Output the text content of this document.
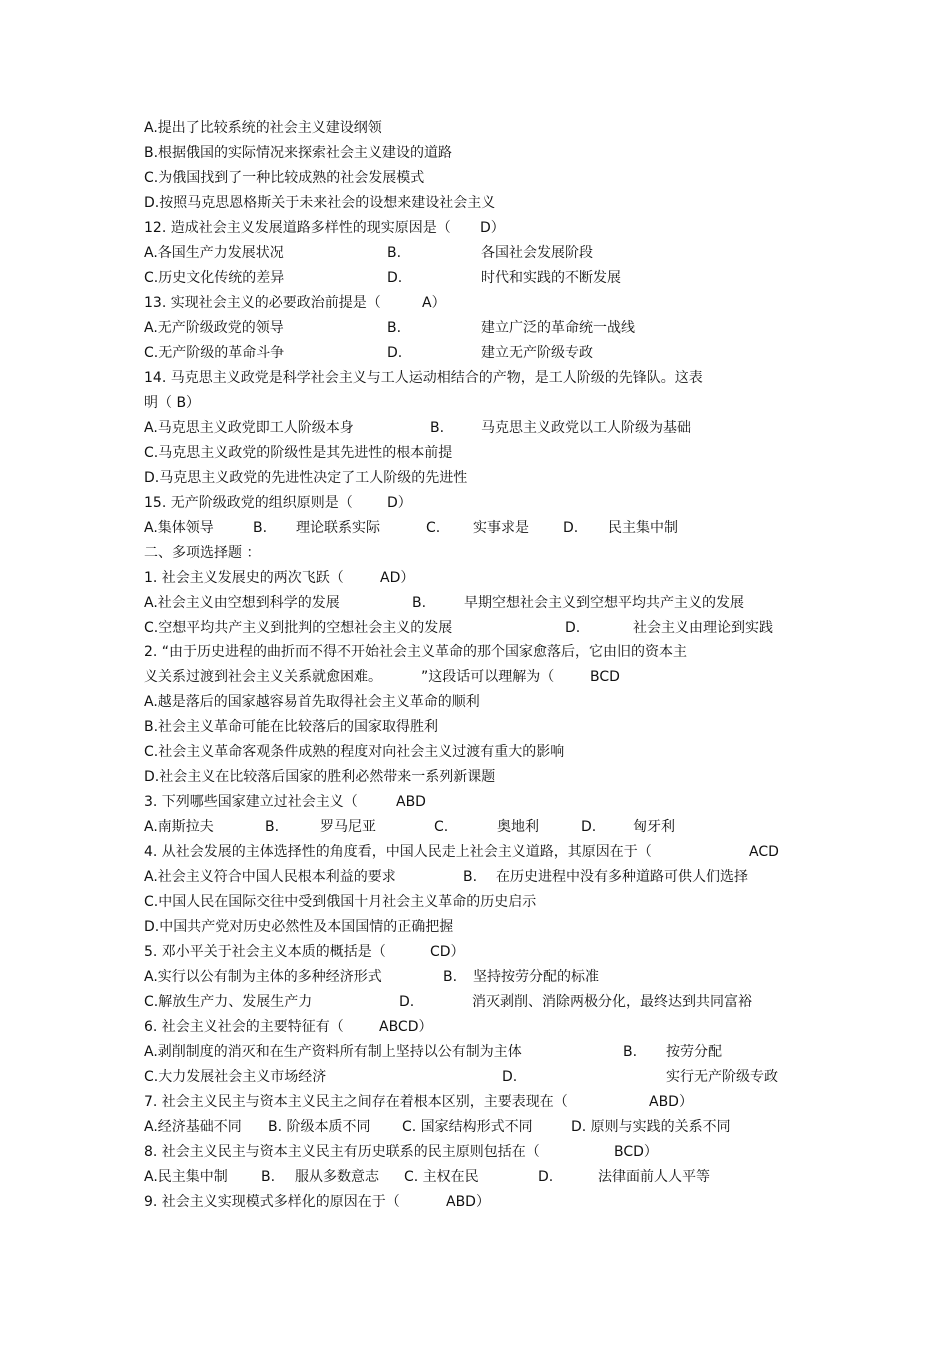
A.提出了比较系统的社会主义建设纲领
B.根据俄国的实际情况来探索社会主义建设的道路
C.为俄国找到了一种比较成熟的社会发展模式
D.按照马克思恩格斯关于未来社会的设想来建设社会主义
12. 造成社会主义发展道路多样性的现实原因是（ D）
A.各国生产力发展状况	B.	各国社会发展阶段
C.历史文化传统的差异	D.	时代和实践的不断发展
13. 实现社会主义的必要政治前提是（	A）
A.无产阶级政党的领导	B.	建立广泛的革命统一战线
C.无产阶级的革命斗争	D.	建立无产阶级专政
14. 马克思主义政党是科学社会主义与工人运动相结合的产物，是工人阶级的先锋队。这表
明（ B）
A.马克思主义政党即工人阶级本身	B.	马克思主义政党以工人阶级为基础
C.马克思主义政党的阶级性是其先进性的根本前提
D.马克思主义政党的先进性决定了工人阶级的先进性
15. 无产阶级政党的组织原则是（ D）
A.集体领导	B. 理论联系实际	C. 实事求是 D. 民主集中制
二、多项选择题 ：
1. 社会主义发展史的两次飞跃（	AD）
A.社会主义由空想到科学的发展	B.	早期空想社会主义到空想平均共产主义的发展
C.空想平均共产主义到批判的空想社会主义的发展	D.	社会主义由理论到实践
2. “由于历史进程的曲折而不得不开始社会主义革命的那个国家愈落后，它由旧的资本主
义关系过渡到社会主义关系就愈困难。	”这段话可以理解为（	BCD
A.越是落后的国家越容易首先取得社会主义革命的顺利
B.社会主义革命可能在比较落后的国家取得胜利
C.社会主义革命客观条件成熟的程度对向社会主义过渡有重大的影响
D.社会主义在比较落后国家的胜利必然带来一系列新课题
3. 下列哪些国家建立过社会主义（	ABD
A.南斯拉夫	B.	罗马尼亚	C.	奥地利	D.	匈牙利
4. 从社会发展的主体选择性的角度看，中国人民走上社会主义道路，其原因在于（	ACD
A.社会主义符合中国人民根本利益的要求	B. 在历史进程中没有多种道路可供人们选择
C.中国人民在国际交往中受到俄国十月社会主义革命的历史启示
D.中国共产党对历史必然性及本国国情的正确把握
5. 邓小平关于社会主义本质的概括是（	CD）
A.实行以公有制为主体的多种经济形式	B. 坚持按劳分配的标准
C.解放生产力、发展生产力	D.	消灭剥削、消除两极分化，最终达到共同富裕
6. 社会主义社会的主要特征有（	ABCD）
A.剥削制度的消灭和在生产资料所有制上坚持以公有制为主体	B. 按劳分配
C.大力发展社会主义市场经济	D.	实行无产阶级专政
7. 社会主义民主与资本主义民主之间存在着根本区别，主要表现在（	ABD）
A.经济基础不同 B. 阶级本质不同 C. 国家结构形式不同	D. 原则与实践的关系不同
8. 社会主义民主与资本主义民主有历史联系的民主原则包括在（	BCD）
A.民主集中制 B. 服从多数意志 C. 主权在民	D.	法律面前人人平等
9. 社会主义实现模式多样化的原因在于（	ABD）
